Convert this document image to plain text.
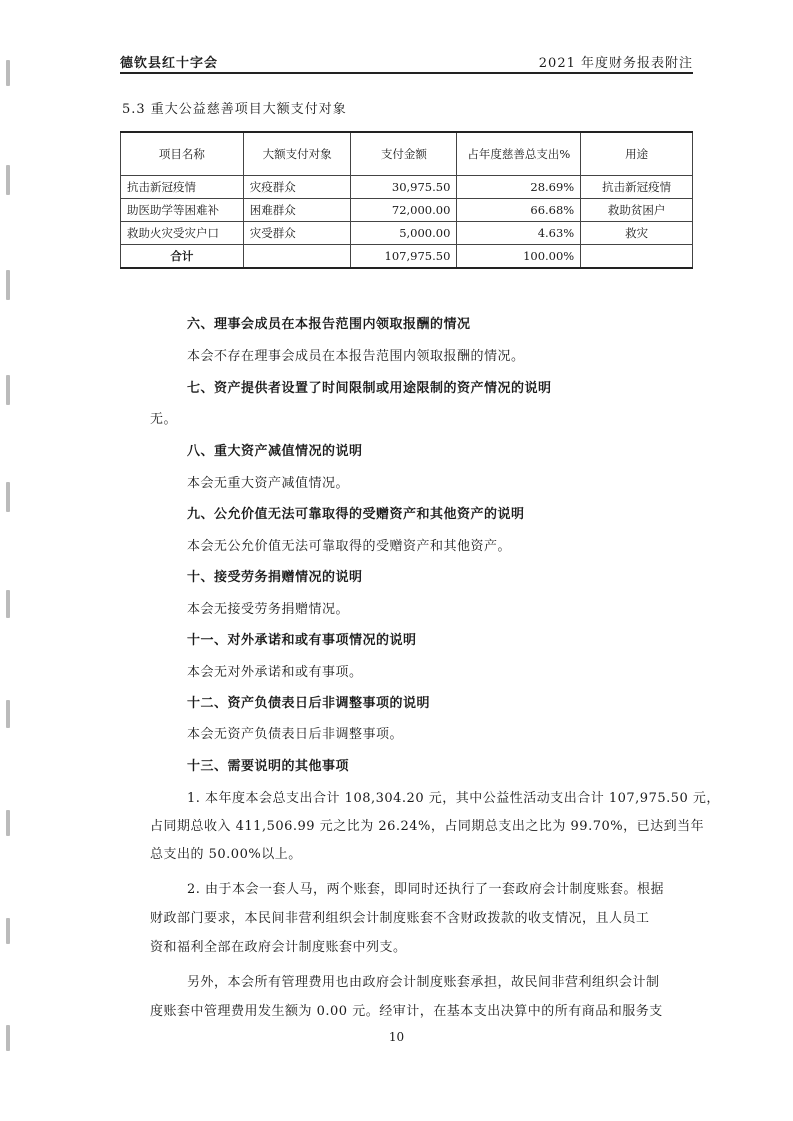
德钦县红十字会	2021 年度财务报表附注
5.3 重大公益慈善项目大额支付对象
项目名称	大额支付对象	支付金额	占年度慈善总支出%	用途
抗击新冠疫情	灾疫群众	30,975.50	28.69%	抗击新冠疫情
助医助学等困难补	困难群众	72,000.00	66.68%	救助贫困户
救助火灾受灾户口	灾受群众	5,000.00	4.63%	救灾
合计		107,975.50	100.00%	
六、理事会成员在本报告范围内领取报酬的情况
本会不存在理事会成员在本报告范围内领取报酬的情况。
七、资产提供者设置了时间限制或用途限制的资产情况的说明
无。
八、重大资产减值情况的说明
本会无重大资产减值情况。
九、公允价值无法可靠取得的受赠资产和其他资产的说明
本会无公允价值无法可靠取得的受赠资产和其他资产。
十、接受劳务捐赠情况的说明
本会无接受劳务捐赠情况。
十一、对外承诺和或有事项情况的说明
本会无对外承诺和或有事项。
十二、资产负债表日后非调整事项的说明
本会无资产负债表日后非调整事项。
十三、需要说明的其他事项
1. 本年度本会总支出合计 108,304.20 元，其中公益性活动支出合计 107,975.50 元，
占同期总收入 411,506.99 元之比为 26.24%，占同期总支出之比为 99.70%，已达到当年
总支出的 50.00%以上。
2. 由于本会一套人马，两个账套，即同时还执行了一套政府会计制度账套。根据
财政部门要求，本民间非营利组织会计制度账套不含财政拨款的收支情况，且人员工
资和福利全部在政府会计制度账套中列支。
另外，本会所有管理费用也由政府会计制度账套承担，故民间非营利组织会计制
度账套中管理费用发生额为 0.00 元。经审计，在基本支出决算中的所有商品和服务支
10
